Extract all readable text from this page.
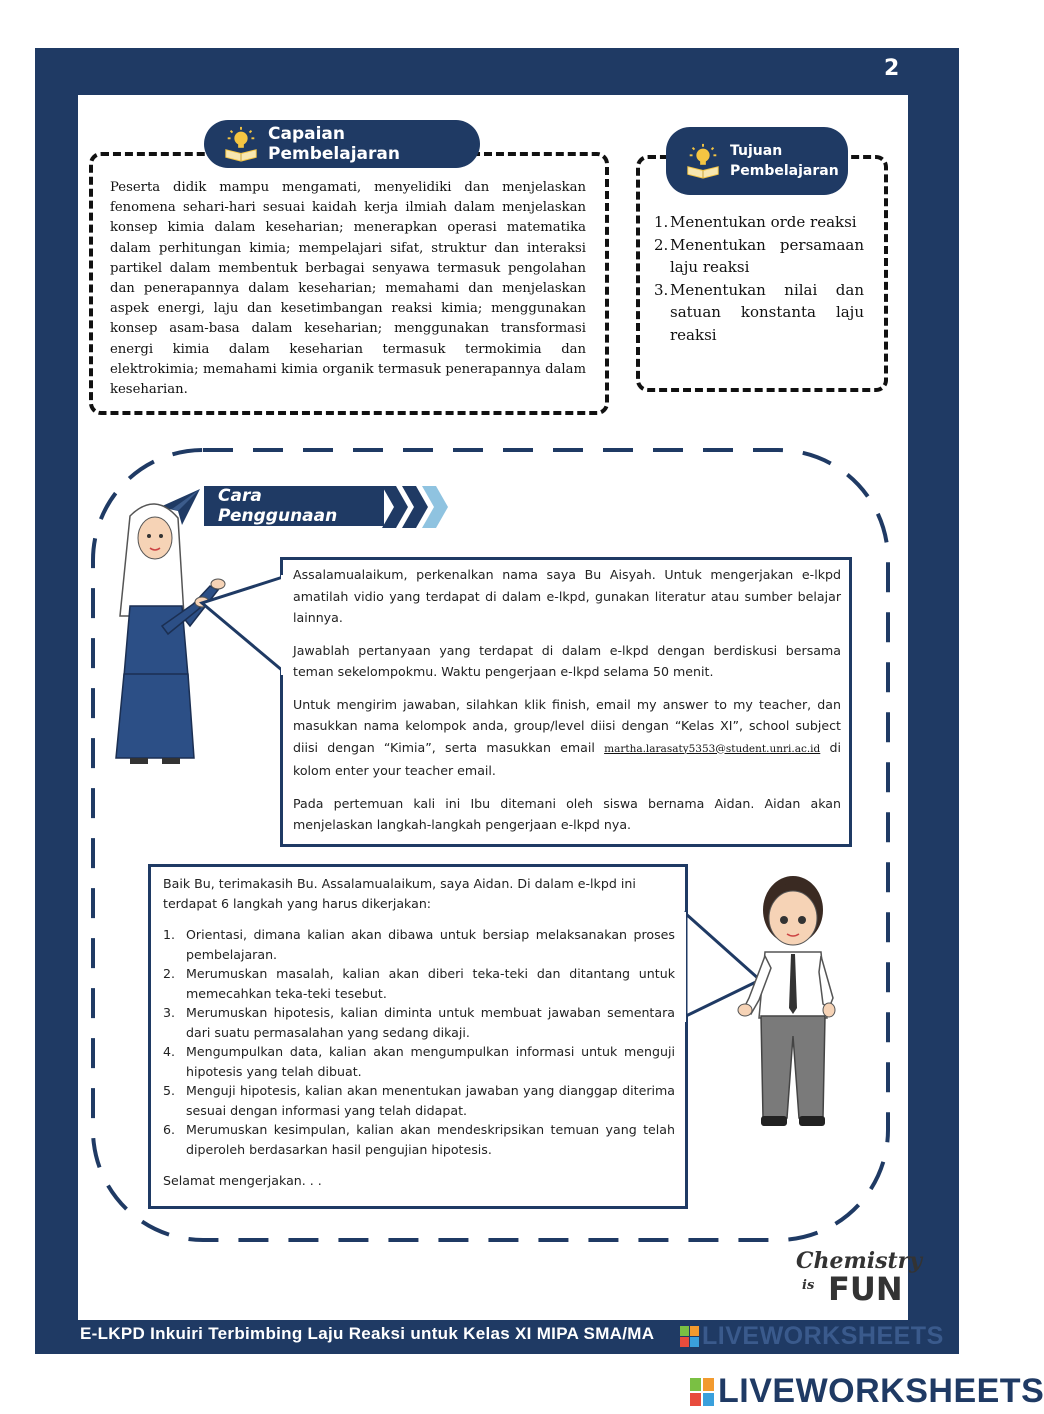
2
Capaian Pembelajaran
Peserta didik mampu mengamati, menyelidiki dan menjelaskan fenomena sehari-hari sesuai kaidah kerja ilmiah dalam menjelaskan konsep kimia dalam keseharian; menerapkan operasi matematika dalam perhitungan kimia; mempelajari sifat, struktur dan interaksi partikel dalam membentuk berbagai senyawa termasuk pengolahan dan penerapannya dalam keseharian; memahami dan menjelaskan aspek energi, laju dan kesetimbangan reaksi kimia; menggunakan konsep asam-basa dalam keseharian; menggunakan transformasi energi kimia dalam keseharian termasuk termokimia dan elektrokimia; memahami kimia organik termasuk penerapannya dalam keseharian.
Tujuan Pembelajaran
1. Menentukan orde reaksi
2. Menentukan persamaan laju reaksi
3. Menentukan nilai dan satuan konstanta laju reaksi
Cara Penggunaan

Assalamualaikum, perkenalkan nama saya Bu Aisyah. Untuk mengerjakan e-lkpd amatilah vidio yang terdapat di dalam e-lkpd, gunakan literatur atau sumber belajar lainnya.

Jawablah pertanyaan yang terdapat di dalam e-lkpd dengan berdiskusi bersama teman sekelompokmu. Waktu pengerjaan e-lkpd selama 50 menit.

Untuk mengirim jawaban, silahkan klik finish, email my answer to my teacher, dan masukkan nama kelompok anda, group/level diisi dengan “Kelas XI”, school subject diisi dengan “Kimia”, serta masukkan email martha.larasaty5353@student.unri.ac.id di kolom enter your teacher email.

Pada pertemuan kali ini Ibu ditemani oleh siswa bernama Aidan. Aidan akan menjelaskan langkah-langkah pengerjaan e-lkpd nya.

Baik Bu, terimakasih Bu. Assalamualaikum, saya Aidan. Di dalam e-lkpd ini terdapat 6 langkah yang harus dikerjakan:

1. Orientasi, dimana kalian akan dibawa untuk bersiap melaksanakan proses pembelajaran.
2. Merumuskan masalah, kalian akan diberi teka-teki dan ditantang untuk memecahkan teka-teki tesebut.
3. Merumuskan hipotesis, kalian diminta untuk membuat jawaban sementara dari suatu permasalahan yang sedang dikaji.
4. Mengumpulkan data, kalian akan mengumpulkan informasi untuk menguji hipotesis yang telah dibuat.
5. Menguji hipotesis, kalian akan menentukan jawaban yang dianggap diterima sesuai dengan informasi yang telah didapat.
6. Merumuskan kesimpulan, kalian akan mendeskripsikan temuan yang telah diperoleh berdasarkan hasil pengujian hipotesis.

Selamat mengerjakan. . .

Chemistry
is FUN
E-LKPD Inkuiri Terbimbing Laju Reaksi untuk Kelas XI MIPA SMA/MA	LIVEWORKSHEETS
LIVEWORKSHEETS
